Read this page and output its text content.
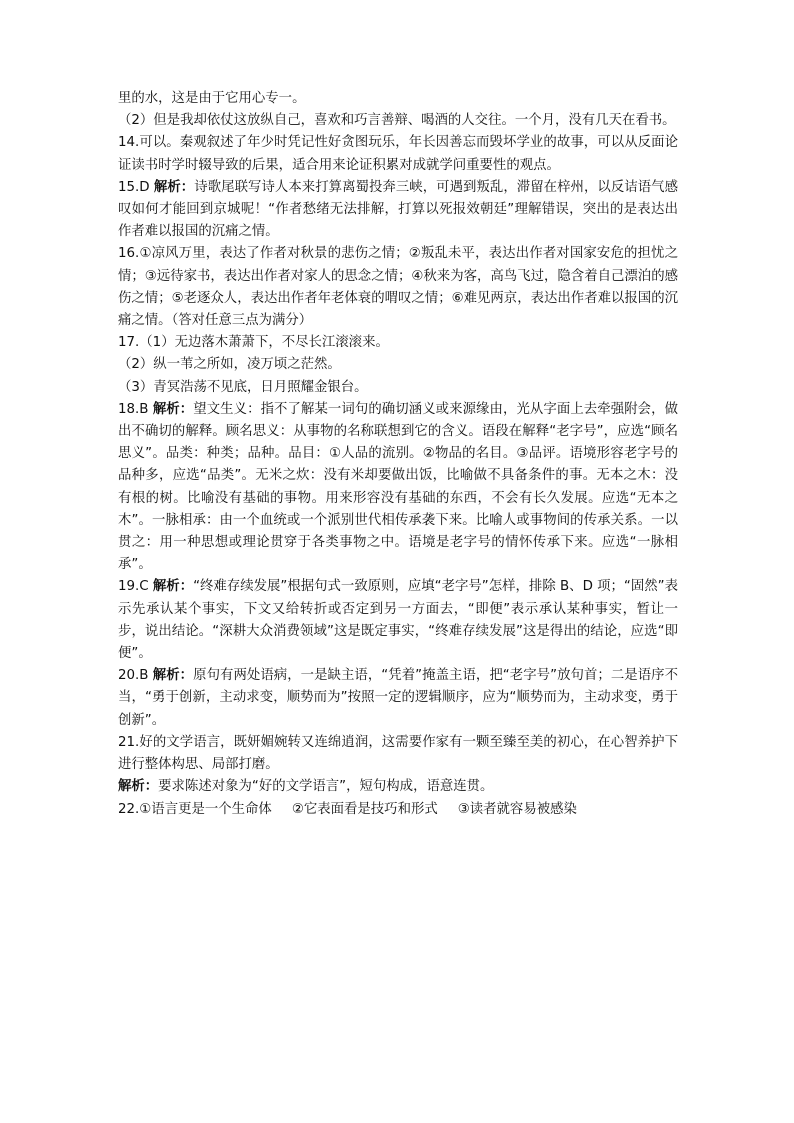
里的水，这是由于它用心专一。

（2）但是我却依仗这放纵自己，喜欢和巧言善辩、喝酒的人交往。一个月，没有几天在看书。

14.可以。秦观叙述了年少时凭记性好贪图玩乐，年长因善忘而毁坏学业的故事，可以从反面论证读书时学时辍导致的后果，适合用来论证积累对成就学问重要性的观点。

15.D 解析：诗歌尾联写诗人本来打算离蜀投奔三峡，可遇到叛乱，滞留在梓州，以反诘语气感叹如何才能回到京城呢！“作者愁绪无法排解，打算以死报效朝廷”理解错误，突出的是表达出作者难以报国的沉痛之情。

16.①凉风万里，表达了作者对秋景的悲伤之情；②叛乱未平，表达出作者对国家安危的担忧之情；③远待家书，表达出作者对家人的思念之情；④秋来为客，高鸟飞过，隐含着自己漂泊的感伤之情；⑤老逐众人，表达出作者年老体衰的喟叹之情；⑥难见两京，表达出作者难以报国的沉痛之情。（答对任意三点为满分）

17.（1）无边落木萧萧下，不尽长江滚滚来。

（2）纵一苇之所如，凌万顷之茫然。

（3）青冥浩荡不见底，日月照耀金银台。

18.B 解析：望文生义：指不了解某一词句的确切涵义或来源缘由，光从字面上去牵强附会，做出不确切的解释。顾名思义：从事物的名称联想到它的含义。语段在解释“老字号”，应选“顾名思义”。品类：种类；品种。品目：①人品的流别。②物品的名目。③品评。语境形容老字号的品种多，应选“品类”。无米之炊：没有米却要做出饭，比喻做不具备条件的事。无本之木：没有根的树。比喻没有基础的事物。用来形容没有基础的东西，不会有长久发展。应选“无本之木”。一脉相承：由一个血统或一个派别世代相传承袭下来。比喻人或事物间的传承关系。一以贯之：用一种思想或理论贯穿于各类事物之中。语境是老字号的情怀传承下来。应选“一脉相承”。

19.C 解析：“终难存续发展”根据句式一致原则，应填“老字号”怎样，排除 B、D 项；“固然”表示先承认某个事实，下文又给转折或否定到另一方面去，“即便”表示承认某种事实，暂让一步，说出结论。“深耕大众消费领域”这是既定事实，“终难存续发展”这是得出的结论，应选“即便”。

20.B 解析：原句有两处语病，一是缺主语，“凭着”掩盖主语，把“老字号”放句首；二是语序不当，“勇于创新，主动求变，顺势而为”按照一定的逻辑顺序，应为“顺势而为，主动求变，勇于创新”。

21.好的文学语言，既妍媚婉转又连绵逍润，这需要作家有一颗至臻至美的初心，在心智养护下进行整体构思、局部打磨。

解析：要求陈述对象为“好的文学语言”，短句构成，语意连贯。

22.①语言更是一个生命体 ②它表面看是技巧和形式 ③读者就容易被感染
